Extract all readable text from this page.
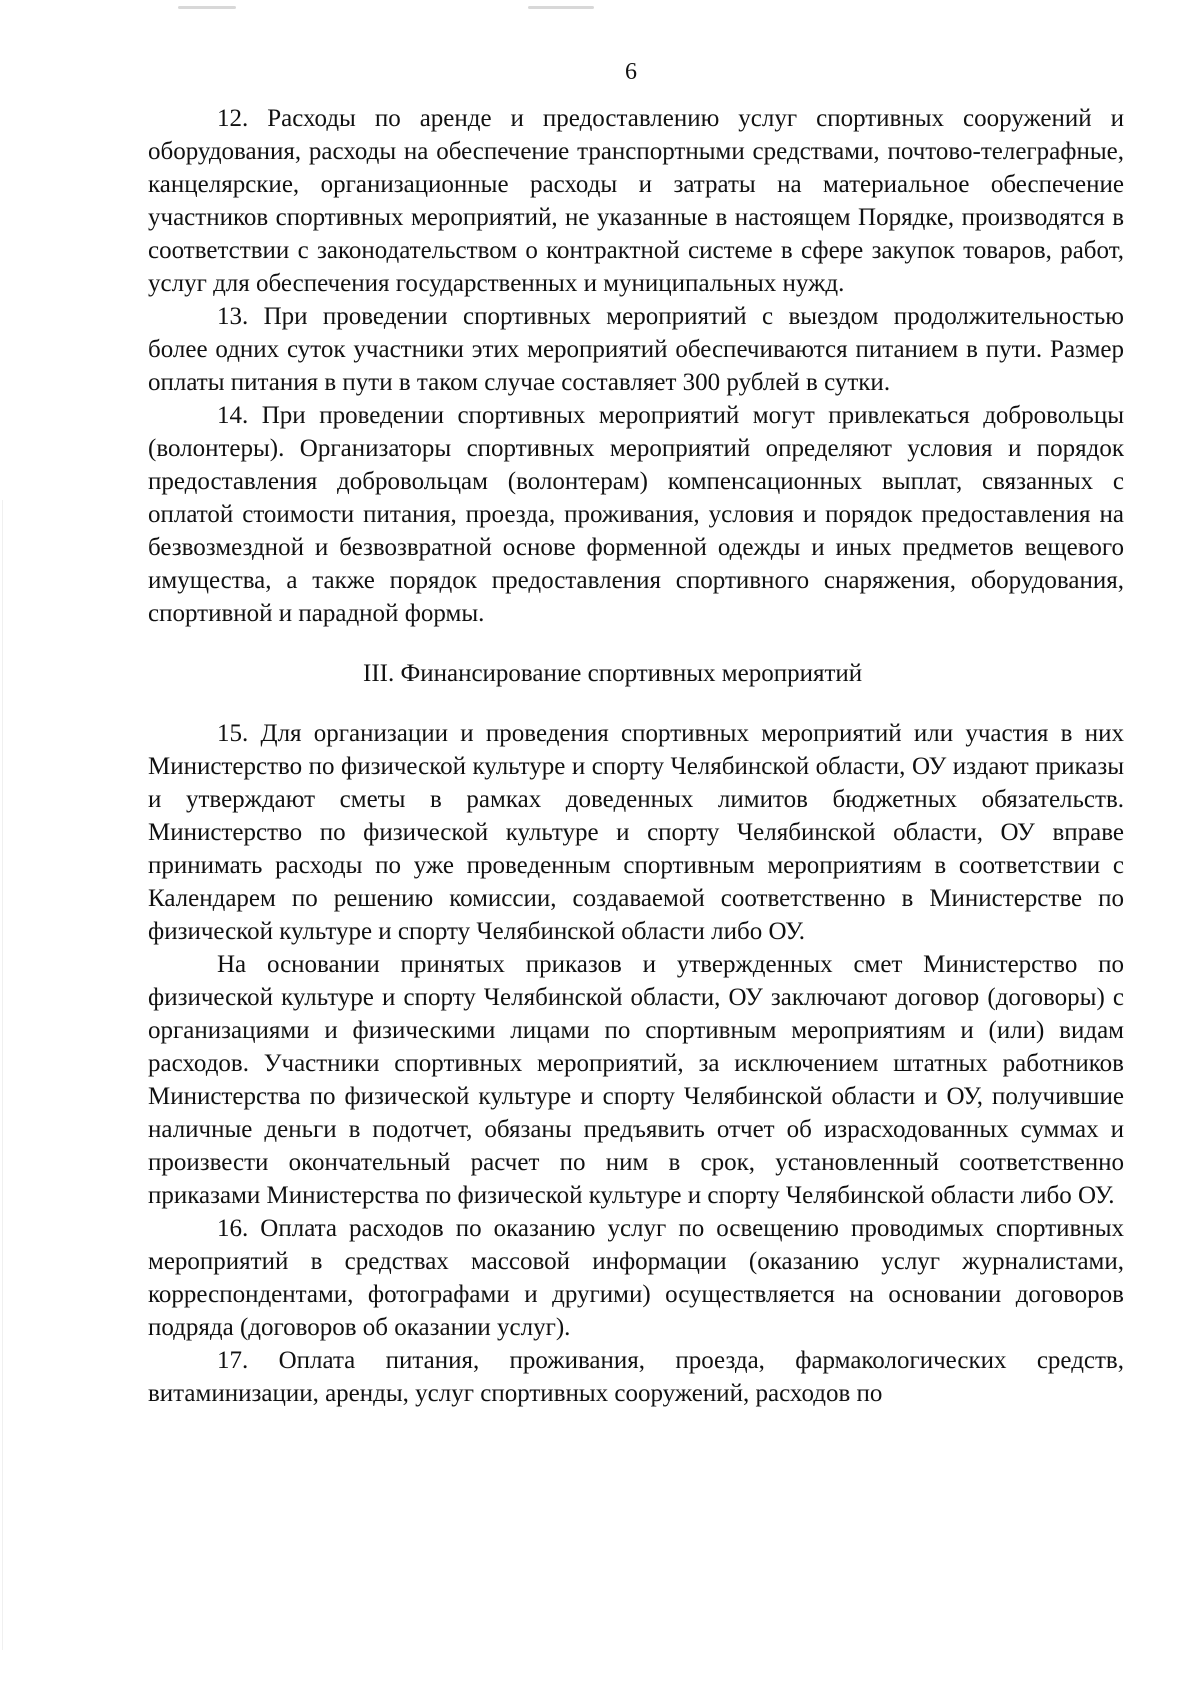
6

12. Расходы по аренде и предоставлению услуг спортивных сооружений и оборудования, расходы на обеспечение транспортными средствами, почтово-телеграфные, канцелярские, организационные расходы и затраты на материальное обеспечение участников спортивных мероприятий, не указанные в настоящем Порядке, производятся в соответствии с законодательством о контрактной системе в сфере закупок товаров, работ, услуг для обеспечения государственных и муниципальных нужд.

13. При проведении спортивных мероприятий с выездом продолжительностью более одних суток участники этих мероприятий обеспечиваются питанием в пути. Размер оплаты питания в пути в таком случае составляет 300 рублей в сутки.

14. При проведении спортивных мероприятий могут привлекаться добровольцы (волонтеры). Организаторы спортивных мероприятий определяют условия и порядок предоставления добровольцам (волонтерам) компенсационных выплат, связанных с оплатой стоимости питания, проезда, проживания, условия и порядок предоставления на безвозмездной и безвозвратной основе форменной одежды и иных предметов вещевого имущества, а также порядок предоставления спортивного снаряжения, оборудования, спортивной и парадной формы.

III. Финансирование спортивных мероприятий

15. Для организации и проведения спортивных мероприятий или участия в них Министерство по физической культуре и спорту Челябинской области, ОУ издают приказы и утверждают сметы в рамках доведенных лимитов бюджетных обязательств. Министерство по физической культуре и спорту Челябинской области, ОУ вправе принимать расходы по уже проведенным спортивным мероприятиям в соответствии с Календарем по решению комиссии, создаваемой соответственно в Министерстве по физической культуре и спорту Челябинской области либо ОУ.

На основании принятых приказов и утвержденных смет Министерство по физической культуре и спорту Челябинской области, ОУ заключают договор (договоры) с организациями и физическими лицами по спортивным мероприятиям и (или) видам расходов. Участники спортивных мероприятий, за исключением штатных работников Министерства по физической культуре и спорту Челябинской области и ОУ, получившие наличные деньги в подотчет, обязаны предъявить отчет об израсходованных суммах и произвести окончательный расчет по ним в срок, установленный соответственно приказами Министерства по физической культуре и спорту Челябинской области либо ОУ.

16. Оплата расходов по оказанию услуг по освещению проводимых спортивных мероприятий в средствах массовой информации (оказанию услуг журналистами, корреспондентами, фотографами и другими) осуществляется на основании договоров подряда (договоров об оказании услуг).

17. Оплата питания, проживания, проезда, фармакологических средств, витаминизации, аренды, услуг спортивных сооружений, расходов по
